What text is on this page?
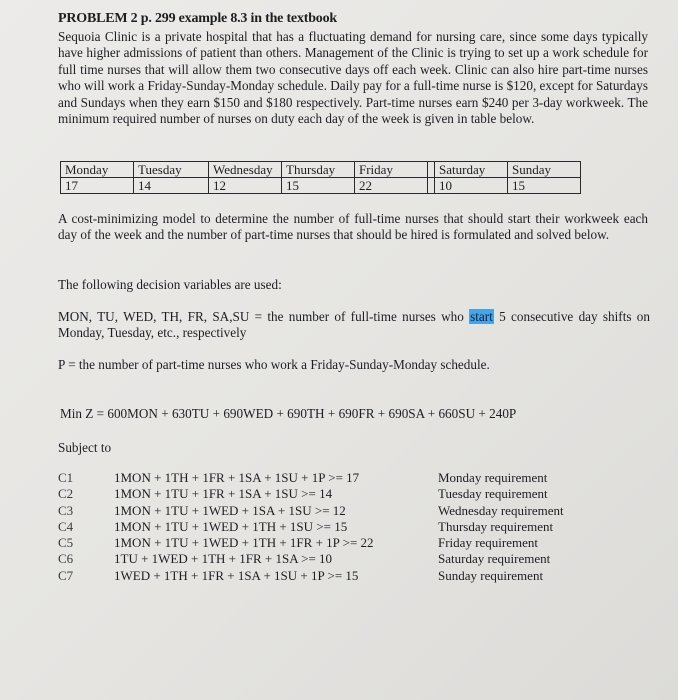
PROBLEM 2 p. 299 example 8.3 in the textbook
Sequoia Clinic is a private hospital that has a fluctuating demand for nursing care, since some days typically have higher admissions of patient than others. Management of the Clinic is trying to set up a work schedule for full time nurses that will allow them two consecutive days off each week. Clinic can also hire part-time nurses who will work a Friday-Sunday-Monday schedule. Daily pay for a full-time nurse is $120, except for Saturdays and Sundays when they earn $150 and $180 respectively. Part-time nurses earn $240 per 3-day workweek. The minimum required number of nurses on duty each day of the week is given in table below.
Monday	Tuesday	Wednesday	Thursday	Friday		Saturday	Sunday
17	14	12	15	22		10	15
A cost-minimizing model to determine the number of full-time nurses that should start their workweek each day of the week and the number of part-time nurses that should be hired is formulated and solved below.
The following decision variables are used:
MON, TU, WED, TH, FR, SA,SU = the number of full-time nurses who start 5 consecutive day shifts on Monday, Tuesday, etc., respectively
P = the number of part-time nurses who work a Friday-Sunday-Monday schedule.
Min Z = 600MON + 630TU + 690WED + 690TH + 690FR + 690SA + 660SU + 240P
Subject to
C1	1MON + 1TH + 1FR + 1SA + 1SU + 1P >= 17	Monday requirement
C2	1MON + 1TU + 1FR + 1SA + 1SU >= 14	Tuesday requirement
C3	1MON + 1TU + 1WED + 1SA + 1SU >= 12	Wednesday requirement
C4	1MON + 1TU + 1WED + 1TH + 1SU >= 15	Thursday requirement
C5	1MON + 1TU + 1WED + 1TH + 1FR + 1P >= 22	Friday requirement
C6	1TU + 1WED + 1TH + 1FR + 1SA >= 10	Saturday requirement
C7	1WED + 1TH + 1FR + 1SA + 1SU + 1P >= 15	Sunday requirement
